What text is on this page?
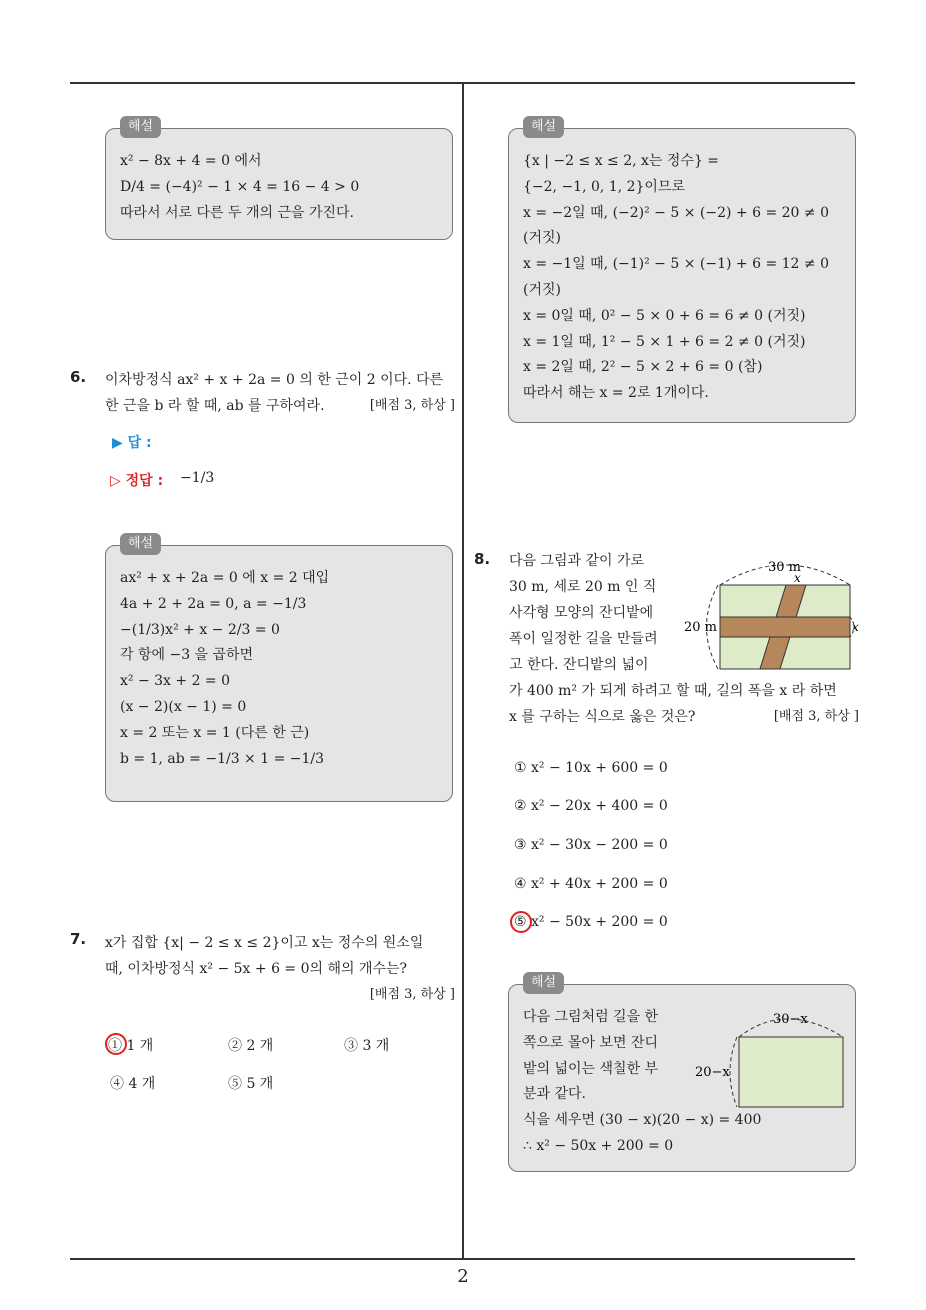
해설
x² − 8x + 4 = 0 에서
D/4 = (−4)² − 1 × 4 = 16 − 4 > 0
따라서 서로 다른 두 개의 근을 가진다.
6. 이차방정식 ax² + x + 2a = 0 의 한 근이 2 이다. 다른
한 근을 b 라 할 때, ab 를 구하여라.	[배점 3, 하상 ]
▶ 답 :
▷ 정답 : −1/3
해설
ax² + x + 2a = 0 에 x = 2 대입
4a + 2 + 2a = 0, a = −1/3
−(1/3)x² + x − 2/3 = 0
각 항에 −3 을 곱하면
x² − 3x + 2 = 0
(x − 2)(x − 1) = 0
x = 2 또는 x = 1 (다른 한 근)
b = 1, ab = −1/3 × 1 = −1/3
7. x가 집합 {x| − 2 ≤ x ≤ 2}이고 x는 정수의 원소일
때, 이차방정식 x² − 5x + 6 = 0의 해의 개수는?
[배점 3, 하상 ]
① 1 개	② 2 개	③ 3 개
④ 4 개	⑤ 5 개
해설
{x | −2 ≤ x ≤ 2, x는 정수} =
{−2, −1, 0, 1, 2}이므로
x = −2일 때, (−2)² − 5 × (−2) + 6 = 20 ≠ 0
(거짓)
x = −1일 때, (−1)² − 5 × (−1) + 6 = 12 ≠ 0
(거짓)
x = 0일 때, 0² − 5 × 0 + 6 = 6 ≠ 0 (거짓)
x = 1일 때, 1² − 5 × 1 + 6 = 2 ≠ 0 (거짓)
x = 2일 때, 2² − 5 × 2 + 6 = 0 (참)
따라서 해는 x = 2로 1개이다.
8. 다음 그림과 같이 가로
30 m, 세로 20 m 인 직
사각형 모양의 잔디밭에
폭이 일정한 길을 만들려
고 한다. 잔디밭의 넓이
가 400 m² 가 되게 하려고 할 때, 길의 폭을 x 라 하면
x 를 구하는 식으로 옳은 것은?	[배점 3, 하상 ]
30 m
20 m
x
x
① x² − 10x + 600 = 0
② x² − 20x + 400 = 0
③ x² − 30x − 200 = 0
④ x² + 40x + 200 = 0
⑤ x² − 50x + 200 = 0
해설
다음 그림처럼 길을 한
쪽으로 몰아 보면 잔디
밭의 넓이는 색칠한 부
분과 같다.
식을 세우면 (30 − x)(20 − x) = 400
∴ x² − 50x + 200 = 0
30−x
20−x
2
